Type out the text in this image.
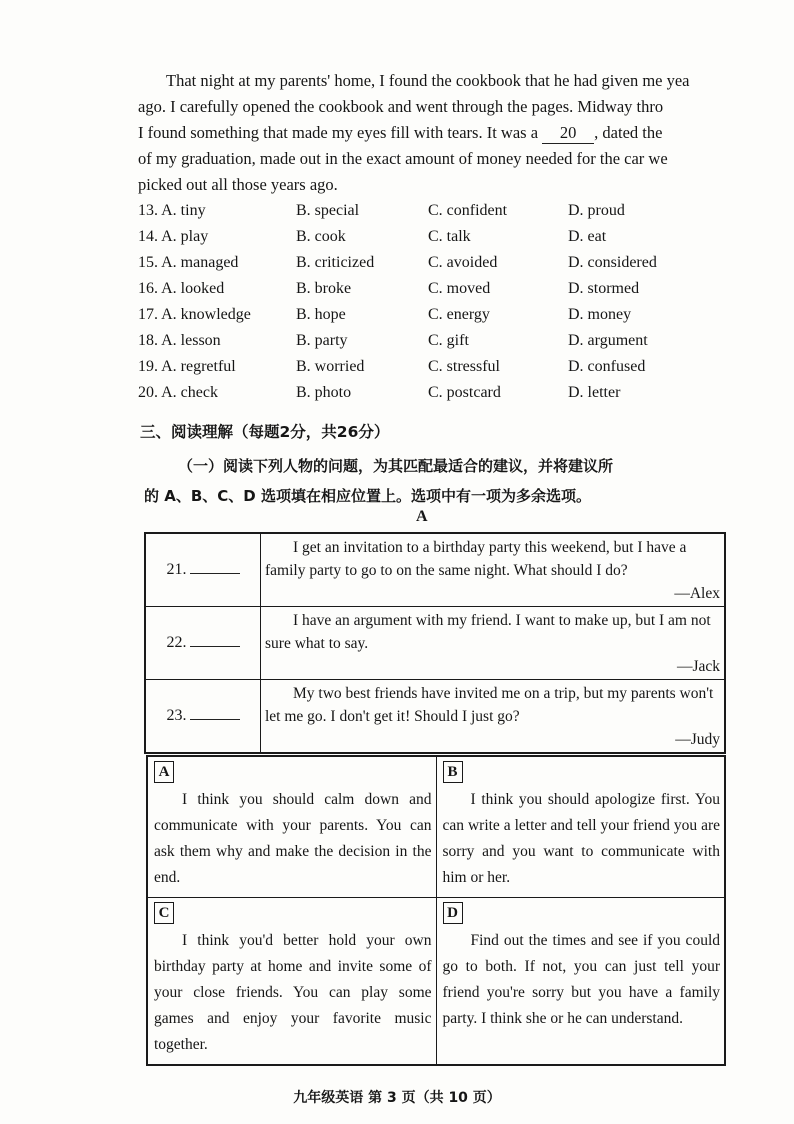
That night at my parents' home, I found the cookbook that he had given me yea

ago. I carefully opened the cookbook and went through the pages. Midway thro
I found something that made my eyes fill with tears. It was a 20 , dated the
of my graduation, made out in the exact amount of money needed for the car we
picked out all those years ago.
13. A. tiny	B. special	C. confident	D. proud
14. A. play	B. cook	C. talk	D. eat
15. A. managed	B. criticized	C. avoided	D. considered
16. A. looked	B. broke	C. moved	D. stormed
17. A. knowledge	B. hope	C. energy	D. money
18. A. lesson	B. party	C. gift	D. argument
19. A. regretful	B. worried	C. stressful	D. confused
20. A. check	B. photo	C. postcard	D. letter
三、阅读理解（每题2分，共26分）
（一）阅读下列人物的问题，为其匹配最适合的建议，并将建议所
的 A、B、C、D 选项填在相应位置上。选项中有一项为多余选项。
A
21.	I get an invitation to a birthday party this weekend, but I have a family party to go to on the same night. What should I do?

—Alex

22.	I have an argument with my friend. I want to make up, but I am not sure what to say.

—Jack

23.	My two best friends have invited me on a trip, but my parents won't let me go. I don't get it! Should I just go?

—Judy
A

I think you should calm down and communicate with your parents. You can ask them why and make the decision in the end.	B

I think you should apologize first. You can write a letter and tell your friend you are sorry and you want to communicate with him or her.

C

I think you'd better hold your own birthday party at home and invite some of your close friends. You can play some games and enjoy your favorite music together.	D

Find out the times and see if you could go to both. If not, you can just tell your friend you're sorry but you have a family party. I think she or he can understand.

九年级英语 第 3 页（共 10 页）
